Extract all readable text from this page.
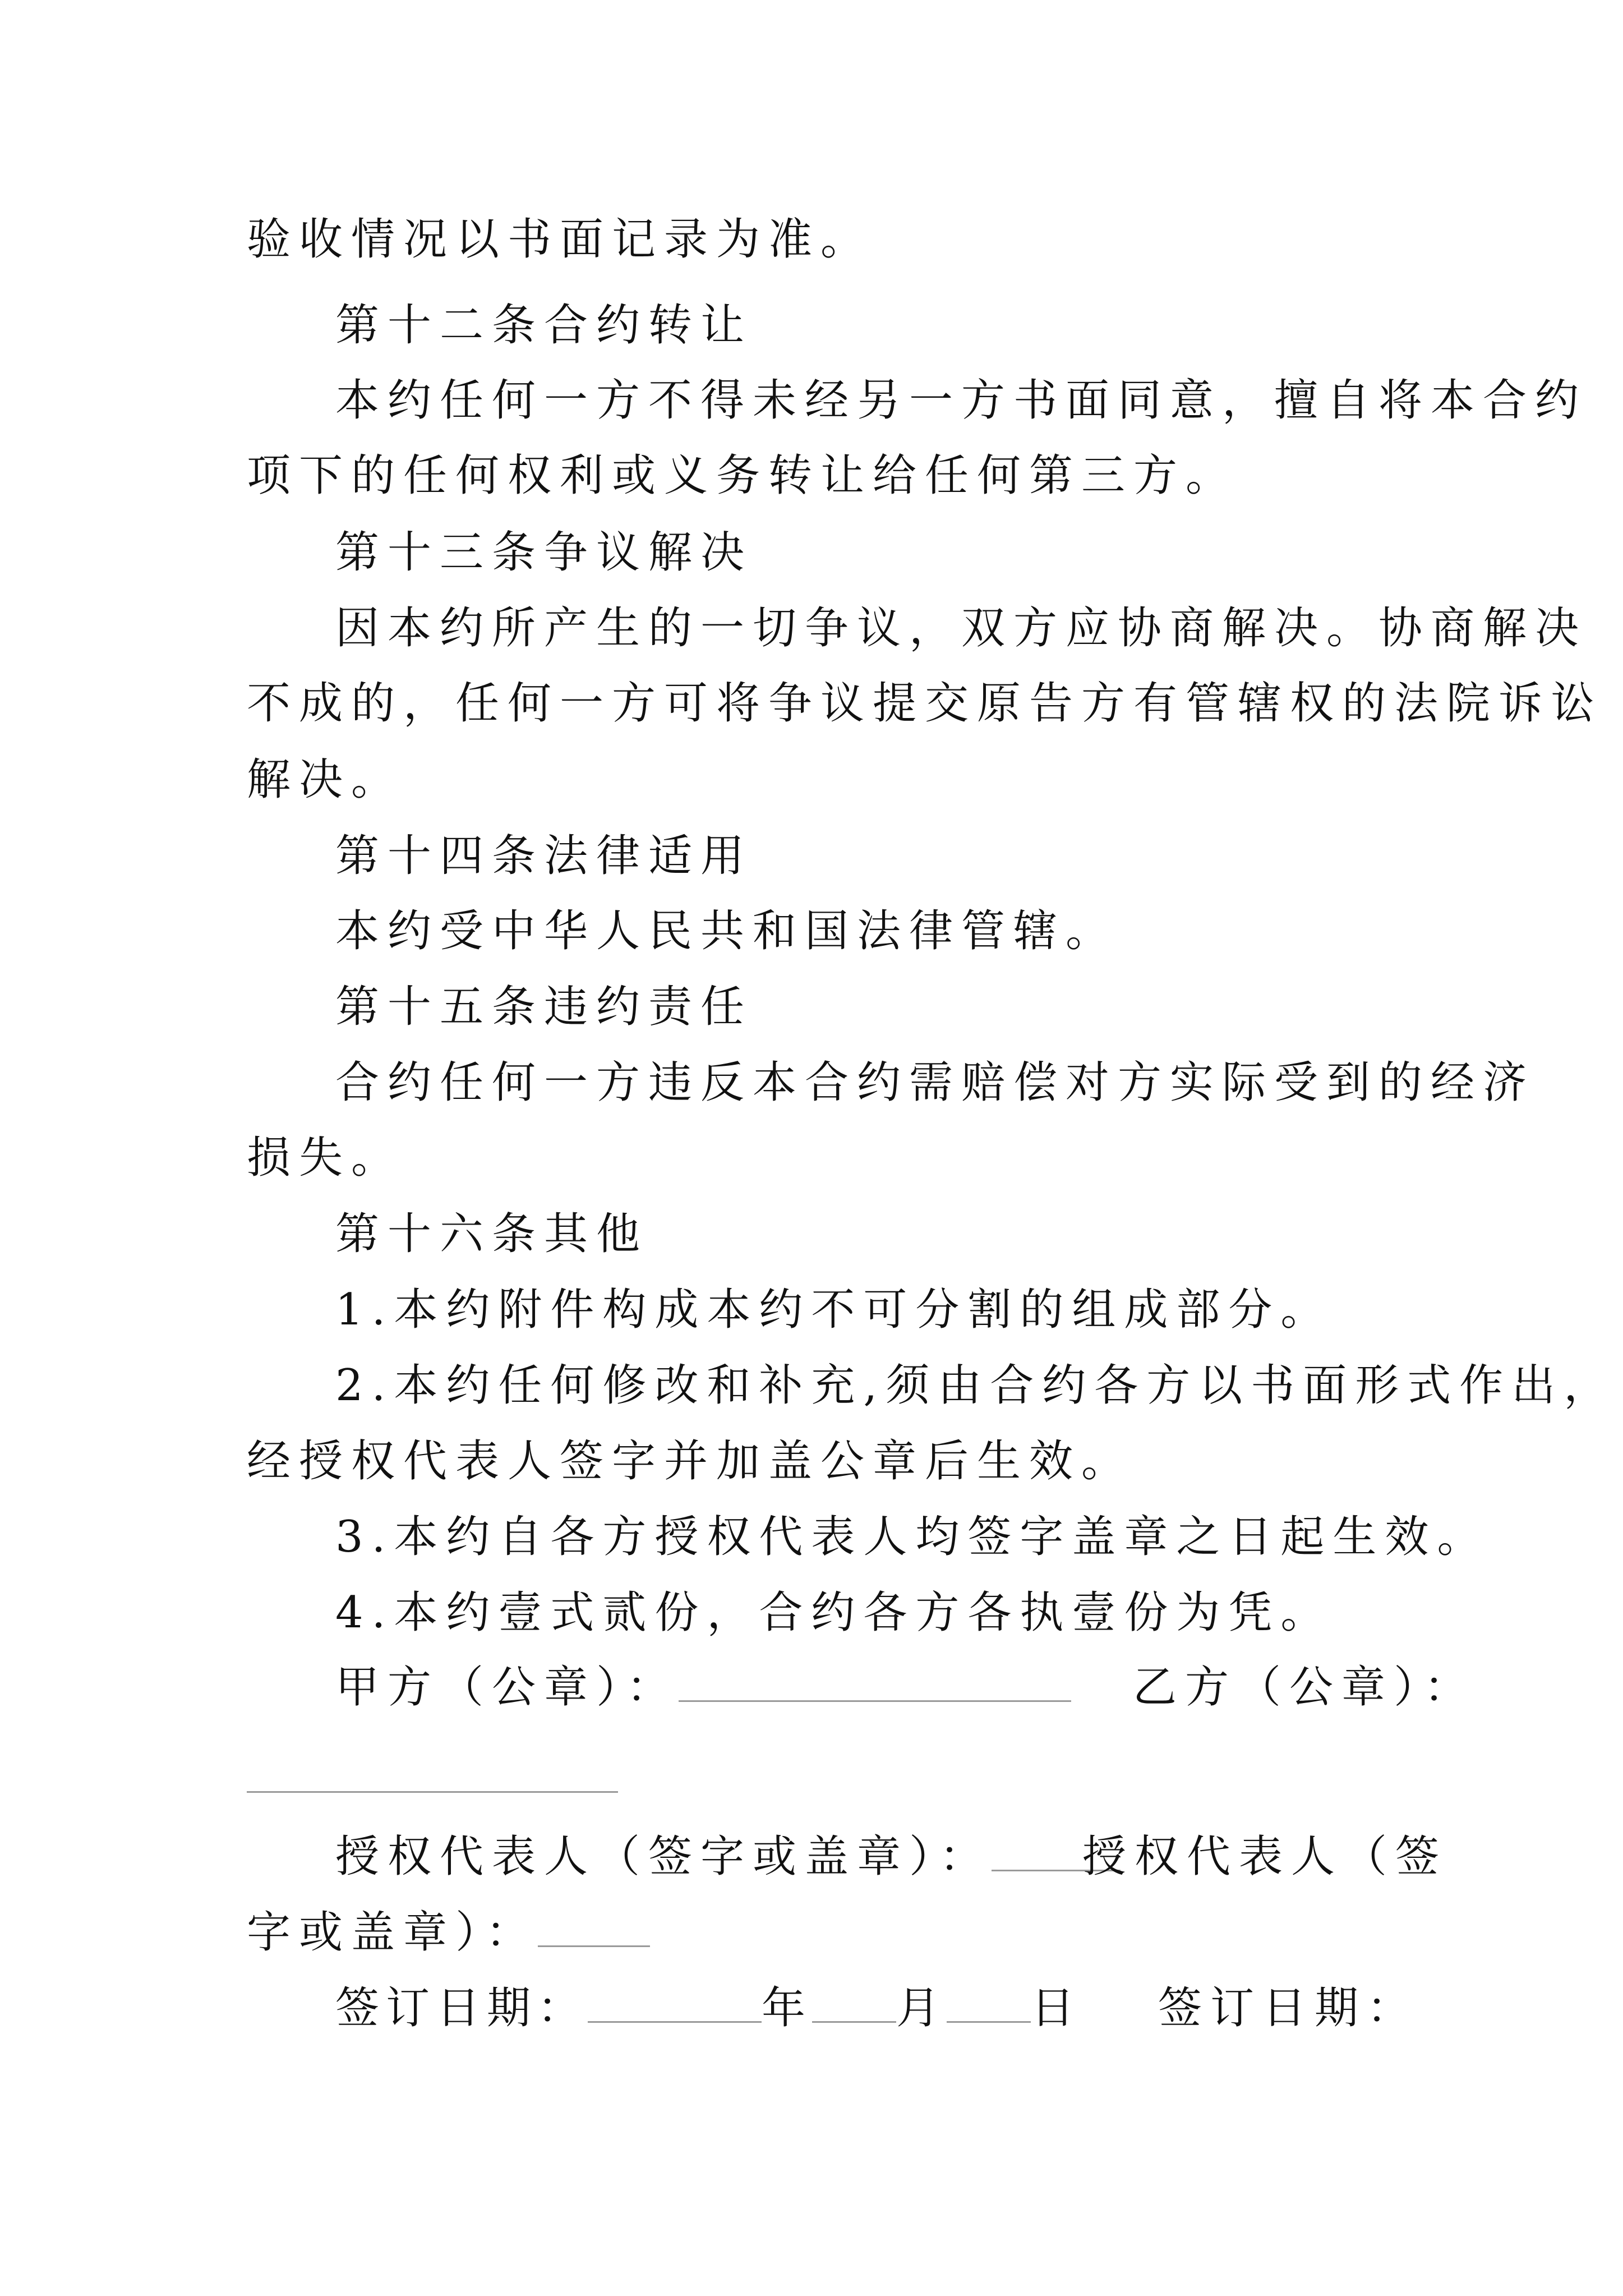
验收情况以书面记录为准。
第十二条合约转让
本约任何一方不得未经另一方书面同意，擅自将本合约
项下的任何权利或义务转让给任何第三方。
第十三条争议解决
因本约所产生的一切争议，双方应协商解决。协商解决
不成的，任何一方可将争议提交原告方有管辖权的法院诉讼
解决。
第十四条法律适用
本约受中华人民共和国法律管辖。
第十五条违约责任
合约任何一方违反本合约需赔偿对方实际受到的经济
损失。
第十六条其他
1.本约附件构成本约不可分割的组成部分。
2.本约任何修改和补充,须由合约各方以书面形式作出，
经授权代表人签字并加盖公章后生效。
3.本约自各方授权代表人均签字盖章之日起生效。
4.本约壹式贰份，合约各方各执壹份为凭。
甲方（公章）：	乙方（公章）：
授权代表人（签字或盖章）：	授权代表人（签
字或盖章）：
签订日期：	年 月 日 签订日期：
